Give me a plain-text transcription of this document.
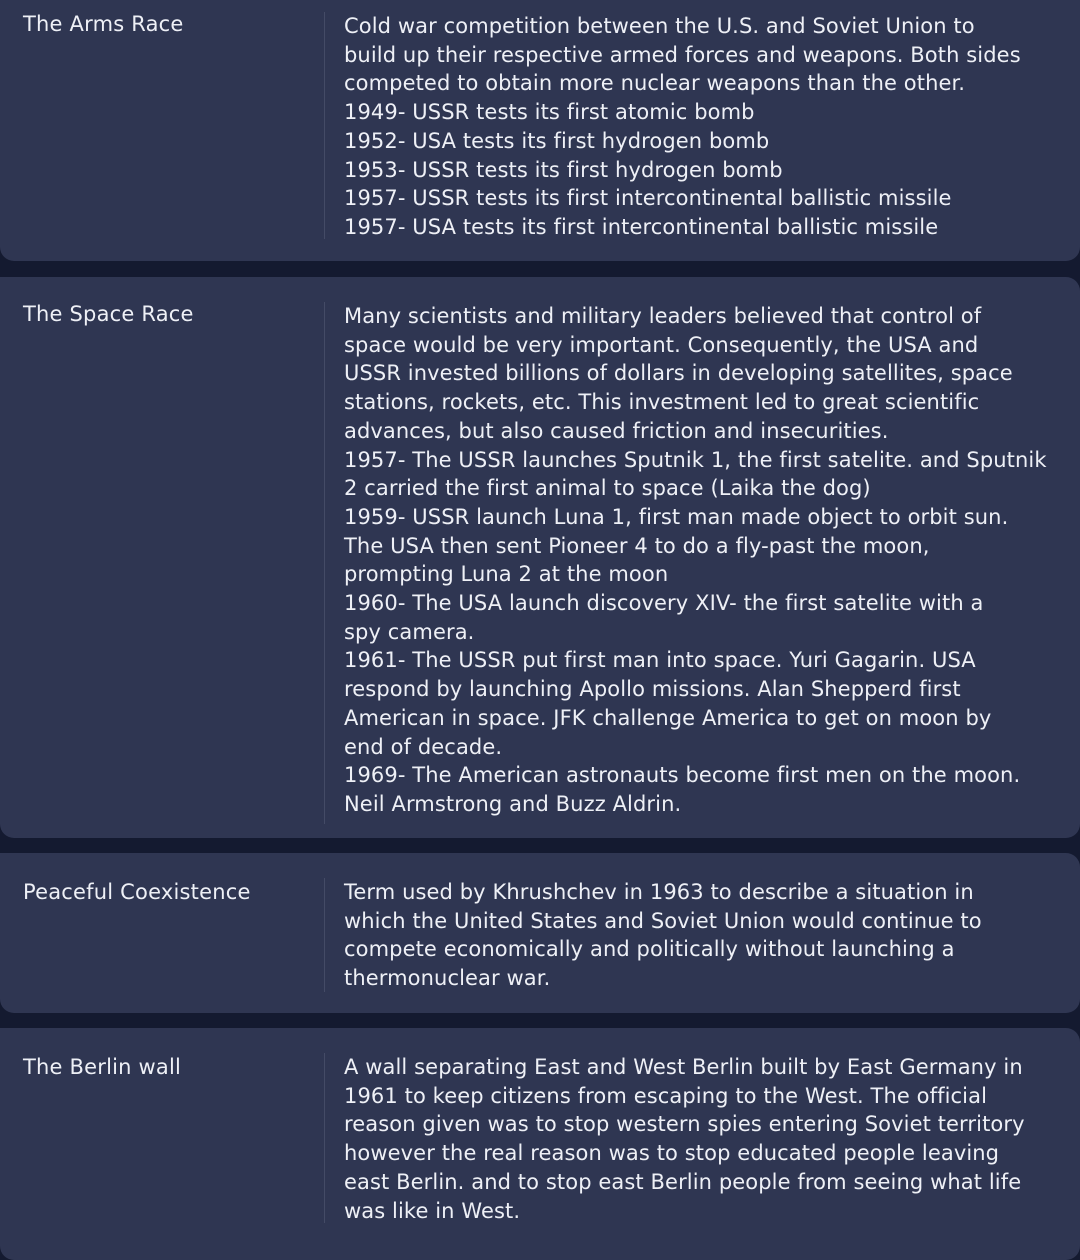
The Arms Race	Cold war competition between the U.S. and Soviet Union to
build up their respective armed forces and weapons. Both sides
competed to obtain more nuclear weapons than the other.
1949- USSR tests its first atomic bomb
1952- USA tests its first hydrogen bomb
1953- USSR tests its first hydrogen bomb
1957- USSR tests its first intercontinental ballistic missile
1957- USA tests its first intercontinental ballistic missile
The Space Race	Many scientists and military leaders believed that control of
space would be very important. Consequently, the USA and
USSR invested billions of dollars in developing satellites, space
stations, rockets, etc. This investment led to great scientific
advances, but also caused friction and insecurities.
1957- The USSR launches Sputnik 1, the first satelite. and Sputnik
2 carried the first animal to space (Laika the dog)
1959- USSR launch Luna 1, first man made object to orbit sun.
The USA then sent Pioneer 4 to do a fly-past the moon,
prompting Luna 2 at the moon
1960- The USA launch discovery XIV- the first satelite with a
spy camera.
1961- The USSR put first man into space. Yuri Gagarin. USA
respond by launching Apollo missions. Alan Shepperd first
American in space. JFK challenge America to get on moon by
end of decade.
1969- The American astronauts become first men on the moon.
Neil Armstrong and Buzz Aldrin.
Peaceful Coexistence	Term used by Khrushchev in 1963 to describe a situation in
which the United States and Soviet Union would continue to
compete economically and politically without launching a
thermonuclear war.
The Berlin wall	A wall separating East and West Berlin built by East Germany in
1961 to keep citizens from escaping to the West. The official
reason given was to stop western spies entering Soviet territory
however the real reason was to stop educated people leaving
east Berlin. and to stop east Berlin people from seeing what life
was like in West.
